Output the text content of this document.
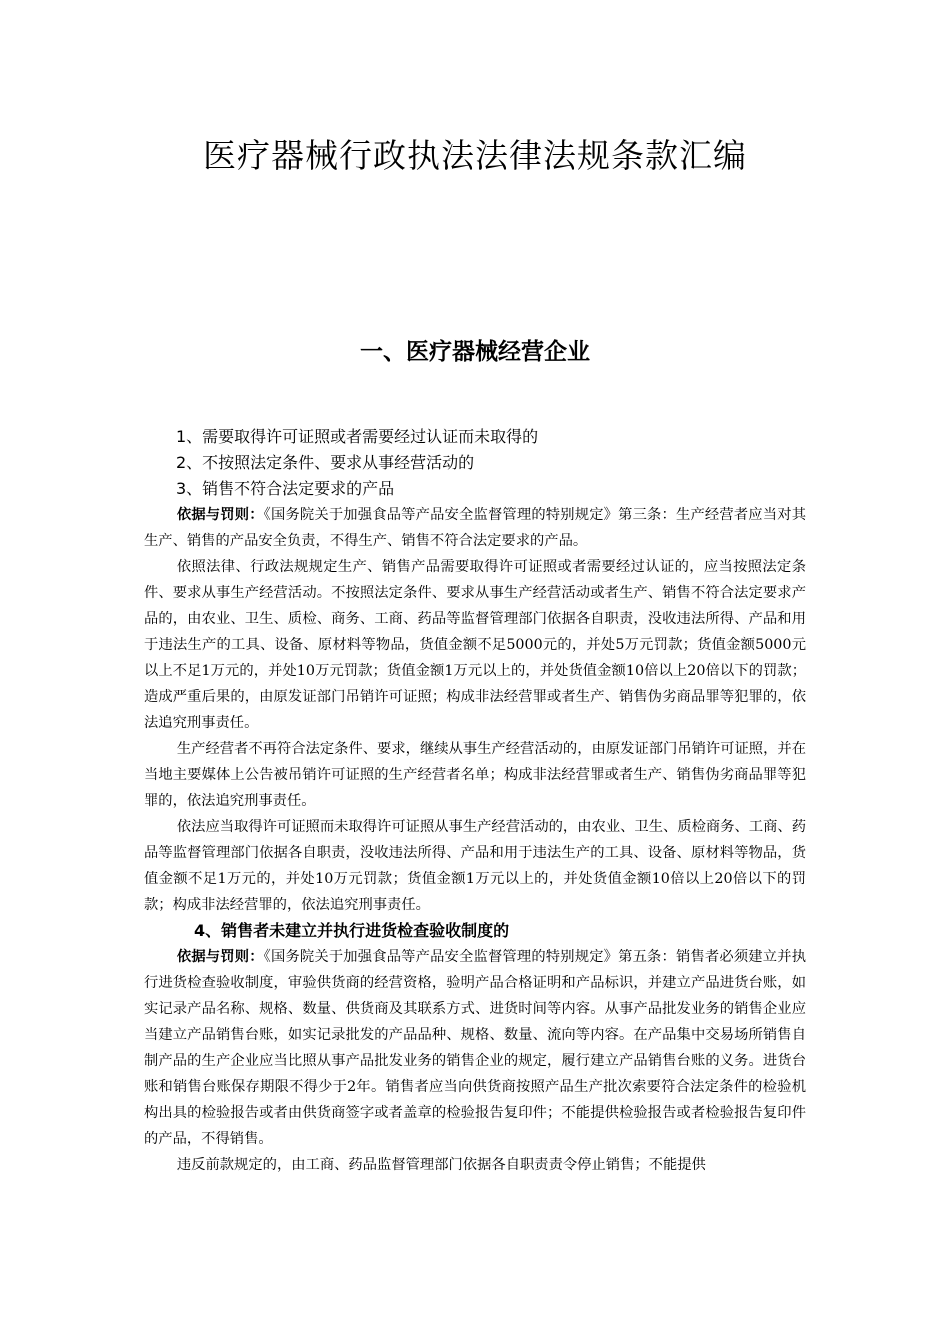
医疗器械行政执法法律法规条款汇编
一、医疗器械经营企业

1、需要取得许可证照或者需要经过认证而未取得的

2、不按照法定条件、要求从事经营活动的

3、销售不符合法定要求的产品

依据与罚则：《国务院关于加强食品等产品安全监督管理的特别规定》第三条：生产经营者应当对其生产、销售的产品安全负责，不得生产、销售不符合法定要求的产品。

依照法律、行政法规规定生产、销售产品需要取得许可证照或者需要经过认证的，应当按照法定条件、要求从事生产经营活动。不按照法定条件、要求从事生产经营活动或者生产、销售不符合法定要求产品的，由农业、卫生、质检、商务、工商、药品等监督管理部门依据各自职责，没收违法所得、产品和用于违法生产的工具、设备、原材料等物品，货值金额不足5000元的，并处5万元罚款；货值金额5000元以上不足1万元的，并处10万元罚款；货值金额1万元以上的，并处货值金额10倍以上20倍以下的罚款；造成严重后果的，由原发证部门吊销许可证照；构成非法经营罪或者生产、销售伪劣商品罪等犯罪的，依法追究刑事责任。

生产经营者不再符合法定条件、要求，继续从事生产经营活动的，由原发证部门吊销许可证照，并在当地主要媒体上公告被吊销许可证照的生产经营者名单；构成非法经营罪或者生产、销售伪劣商品罪等犯罪的，依法追究刑事责任。

依法应当取得许可证照而未取得许可证照从事生产经营活动的，由农业、卫生、质检商务、工商、药品等监督管理部门依据各自职责，没收违法所得、产品和用于违法生产的工具、设备、原材料等物品，货值金额不足1万元的，并处10万元罚款；货值金额1万元以上的，并处货值金额10倍以上20倍以下的罚款；构成非法经营罪的，依法追究刑事责任。

4、销售者未建立并执行进货检查验收制度的

依据与罚则：《国务院关于加强食品等产品安全监督管理的特别规定》第五条：销售者必须建立并执行进货检查验收制度，审验供货商的经营资格，验明产品合格证明和产品标识，并建立产品进货台账，如实记录产品名称、规格、数量、供货商及其联系方式、进货时间等内容。从事产品批发业务的销售企业应当建立产品销售台账，如实记录批发的产品品种、规格、数量、流向等内容。在产品集中交易场所销售自制产品的生产企业应当比照从事产品批发业务的销售企业的规定，履行建立产品销售台账的义务。进货台账和销售台账保存期限不得少于2年。销售者应当向供货商按照产品生产批次索要符合法定条件的检验机构出具的检验报告或者由供货商签字或者盖章的检验报告复印件；不能提供检验报告或者检验报告复印件的产品，不得销售。

违反前款规定的，由工商、药品监督管理部门依据各自职责责令停止销售；不能提供
